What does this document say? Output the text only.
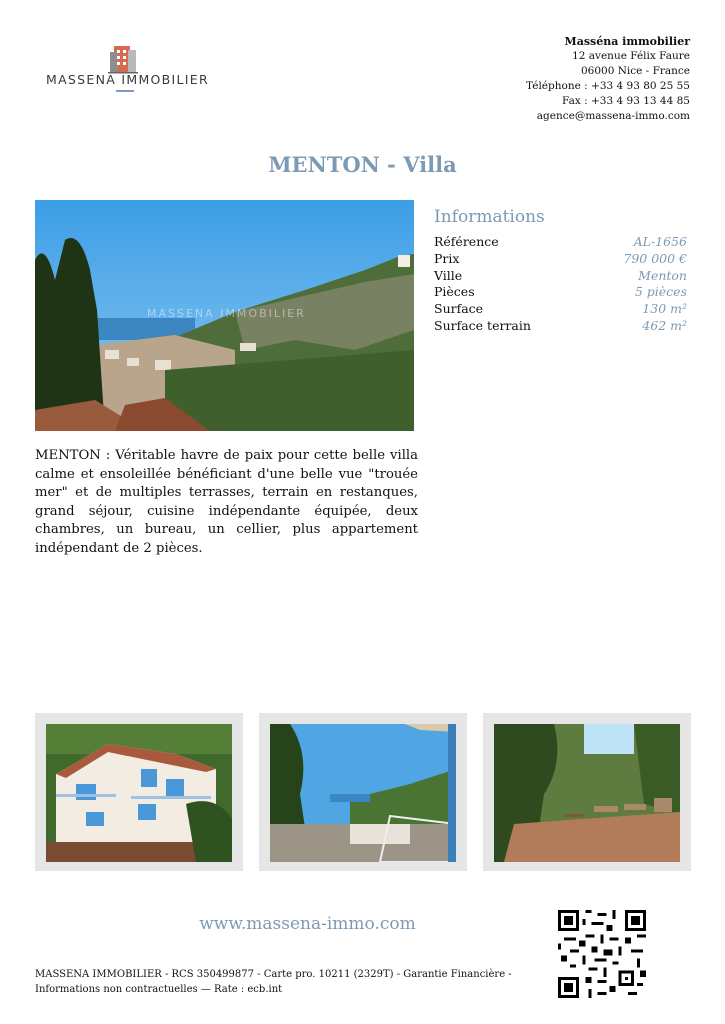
MASSENA IMMOBILIER
Masséna immobilier
12 avenue Félix Faure
06000 Nice - France
Téléphone : +33 4 93 80 25 55
Fax : +33 4 93 13 44 85
agence@massena-immo.com
MENTON - Villa
MASSENA IMMOBILIER
Informations
Référence	AL-1656
Prix	790 000 €
Ville	Menton
Pièces	5 pièces
Surface	130 m²
Surface terrain	462 m²

MENTON : Véritable havre de paix pour cette belle villa calme et ensoleillée bénéficiant d'une belle vue "trouée mer" et de multiples terrasses, terrain en restanques, grand séjour, cuisine indépendante équipée, deux chambres, un bureau, un cellier, plus appartement indépendant de 2 pièces.

www.massena-immo.com
MASSENA IMMOBILIER - RCS 350499877 - Carte pro. 10211 (2329T) - Garantie Financière -
Informations non contractuelles — Rate : ecb.int
